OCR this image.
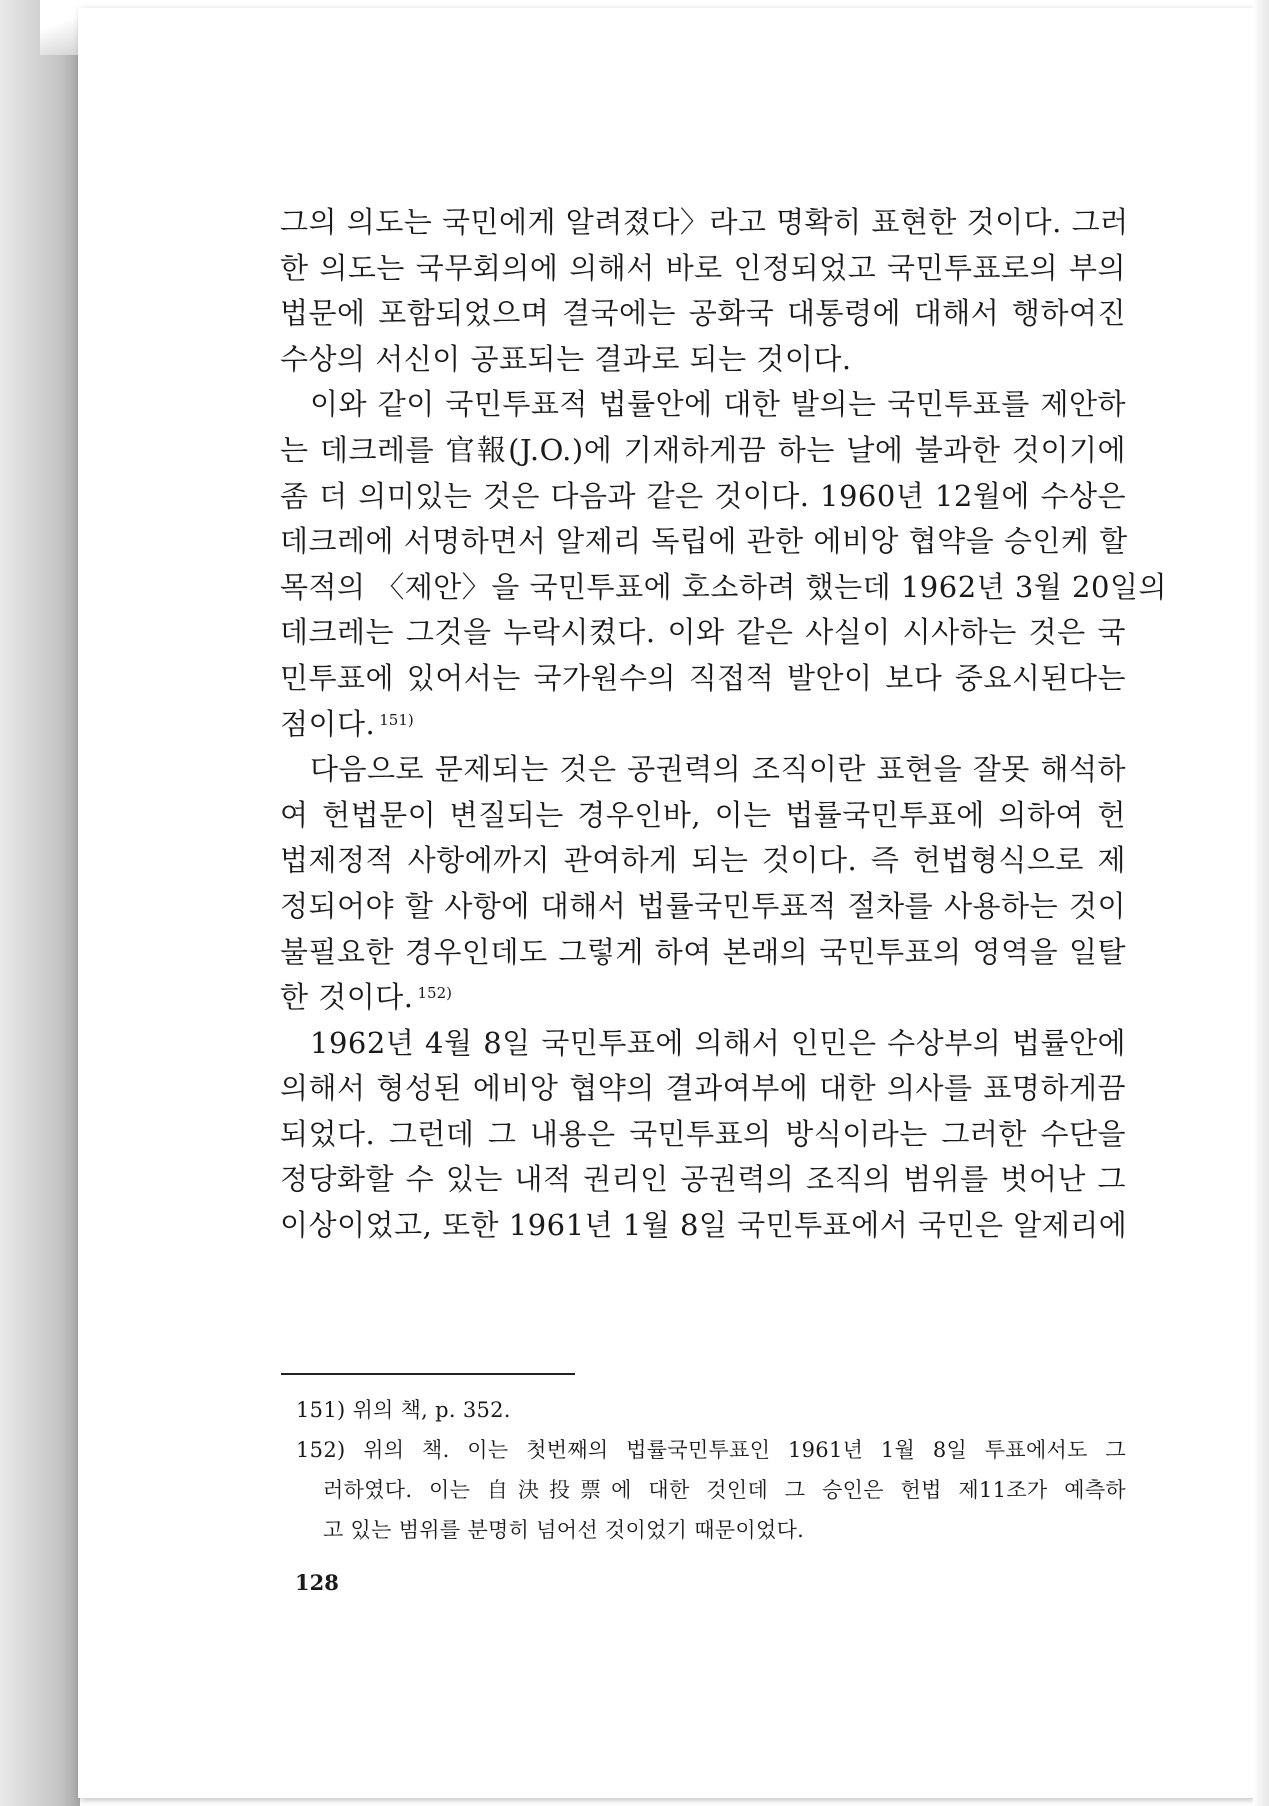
그의 의도는 국민에게 알려졌다〉라고 명확히 표현한 것이다. 그러
한 의도는 국무회의에 의해서 바로 인정되었고 국민투표로의 부의
법문에 포함되었으며 결국에는 공화국 대통령에 대해서 행하여진
수상의 서신이 공표되는 결과로 되는 것이다.
이와 같이 국민투표적 법률안에 대한 발의는 국민투표를 제안하
는 데크레를 官報(J.O.)에 기재하게끔 하는 날에 불과한 것이기에
좀 더 의미있는 것은 다음과 같은 것이다. 1960년 12월에 수상은
데크레에 서명하면서 알제리 독립에 관한 에비앙 협약을 승인케 할
목적의 〈제안〉을 국민투표에 호소하려 했는데 1962년 3월 20일의
데크레는 그것을 누락시켰다. 이와 같은 사실이 시사하는 것은 국
민투표에 있어서는 국가원수의 직접적 발안이 보다 중요시된다는
점이다. $^{151)}$
다음으로 문제되는 것은 공권력의 조직이란 표현을 잘못 해석하
여 헌법문이 변질되는 경우인바, 이는 법률국민투표에 의하여 헌
법제정적 사항에까지 관여하게 되는 것이다. 즉 헌법형식으로 제
정되어야 할 사항에 대해서 법률국민투표적 절차를 사용하는 것이
불필요한 경우인데도 그렇게 하여 본래의 국민투표의 영역을 일탈
한 것이다. $^{152)}$
1962년 4월 8일 국민투표에 의해서 인민은 수상부의 법률안에
의해서 형성된 에비앙 협약의 결과여부에 대한 의사를 표명하게끔
되었다. 그런데 그 내용은 국민투표의 방식이라는 그러한 수단을
정당화할 수 있는 내적 권리인 공권력의 조직의 범위를 벗어난 그
이상이었고, 또한 1961년 1월 8일 국민투표에서 국민은 알제리에
151) 위의 책, p. 352.
152) 위의 책. 이는 첫번째의 법률국민투표인 1961년 1월 8일 투표에서도 그
러하였다. 이는 自決投票에 대한 것인데 그 승인은 헌법 제11조가 예측하
고 있는 범위를 분명히 넘어선 것이었기 때문이었다.
128
